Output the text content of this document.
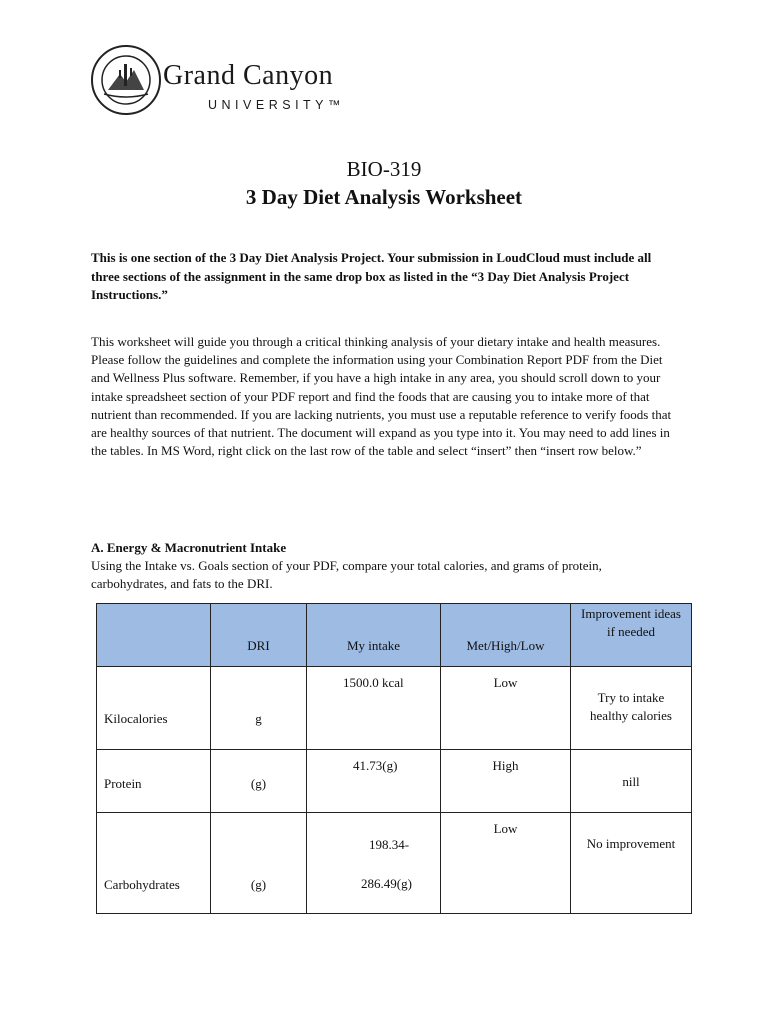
Grand Canyon
UNIVERSITY™
BIO-319
3 Day Diet Analysis Worksheet
This is one section of the 3 Day Diet Analysis Project. Your submission in LoudCloud must include all three sections of the assignment in the same drop box as listed in the “3 Day Diet Analysis Project Instructions.”
This worksheet will guide you through a critical thinking analysis of your dietary intake and health measures. Please follow the guidelines and complete the information using your Combination Report PDF from the Diet and Wellness Plus software. Remember, if you have a high intake in any area, you should scroll down to your intake spreadsheet section of your PDF report and find the foods that are causing you to intake more of that nutrient than recommended. If you are lacking nutrients, you must use a reputable reference to verify foods that are healthy sources of that nutrient. The document will expand as you type into it. You may need to add lines in the tables. In MS Word, right click on the last row of the table and select “insert” then “insert row below.”
A. Energy & Macronutrient Intake
Using the Intake vs. Goals section of your PDF, compare your total calories, and grams of protein, carbohydrates, and fats to the DRI.

	DRI	My intake	Met/High/Low	Improvement ideas if needed

Kilocalories	g	1500.0 kcal	Low	Try to intake healthy calories

Protein	(g)	41.73(g)	High	nill

Carbohydrates	(g)	198.34-
286.49(g)	Low	No improvement
